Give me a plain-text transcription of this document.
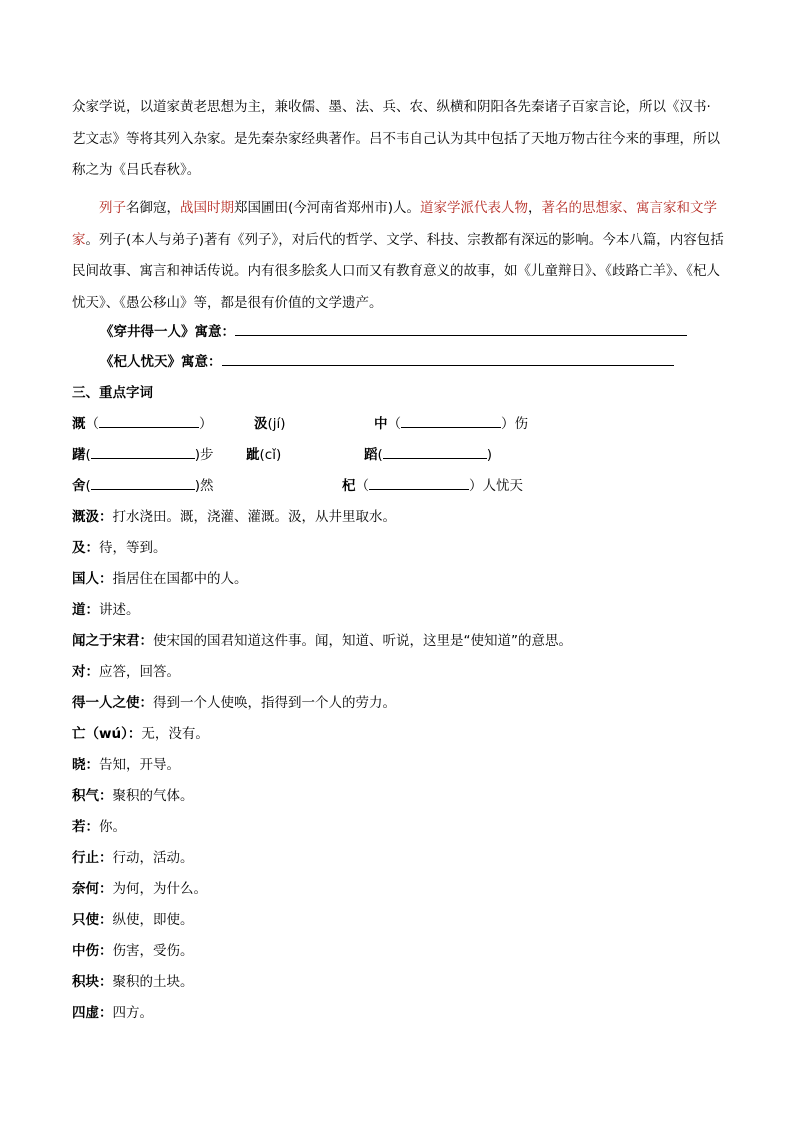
众家学说，以道家黄老思想为主，兼收儒、墨、法、兵、农、纵横和阴阳各先秦诸子百家言论，所以《汉书·艺文志》等将其列入杂家。是先秦杂家经典著作。吕不韦自己认为其中包括了天地万物古往今来的事理，所以称之为《吕氏春秋》。

列子名御寇，战国时期郑国圃田(今河南省郑州市)人。道家学派代表人物，著名的思想家、寓言家和文学家。列子(本人与弟子)著有《列子》，对后代的哲学、文学、科技、宗教都有深远的影响。今本八篇，内容包括民间故事、寓言和神话传说。内有很多脍炙人口而又有教育意义的故事，如《儿童辩日》、《歧路亡羊》、《杞人忧天》、《愚公移山》等，都是很有价值的文学遗产。

《穿井得一人》寓意：
《杞人忧天》寓意：
三、重点字词
溉（	）	汲(jí)	中（	）伤
躇(	)步 跐(cǐ)	蹈(	)
舍(	)然	杞（	）人忧天
溉汲：打水浇田。溉，浇灌、灌溉。汲，从井里取水。
及：待，等到。
国人：指居住在国都中的人。
道：讲述。
闻之于宋君：使宋国的国君知道这件事。闻，知道、听说，这里是“使知道”的意思。
对：应答，回答。
得一人之使：得到一个人使唤，指得到一个人的劳力。
亡（wú）：无，没有。
晓：告知，开导。
积气：聚积的气体。
若：你。
行止：行动，活动。
奈何：为何，为什么。
只使：纵使，即使。
中伤：伤害，受伤。
积块：聚积的土块。
四虚：四方。
